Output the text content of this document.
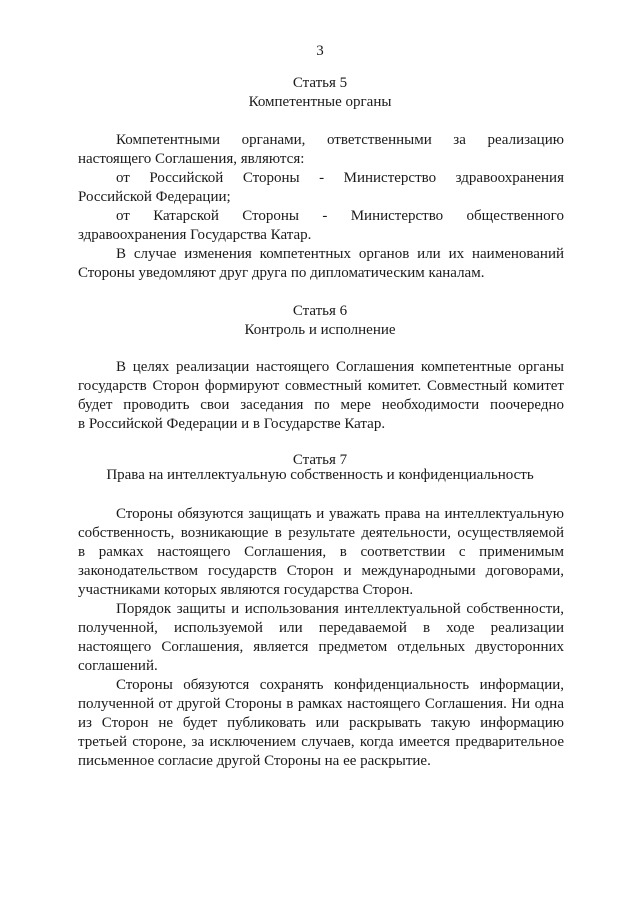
3
Статья 5
Компетентные органы
Компетентными органами, ответственными за реализацию
настоящего Соглашения, являются:
от Российской Стороны - Министерство здравоохранения
Российской Федерации;
от Катарской Стороны - Министерство общественного
здравоохранения Государства Катар.
В случае изменения компетентных органов или их наименований
Стороны уведомляют друг друга по дипломатическим каналам.
Статья 6
Контроль и исполнение
В целях реализации настоящего Соглашения компетентные органы
государств Сторон формируют совместный комитет. Совместный комитет
будет проводить свои заседания по мере необходимости поочередно
в Российской Федерации и в Государстве Катар.
Статья 7
Права на интеллектуальную собственность и конфиденциальность
Стороны обязуются защищать и уважать права на интеллектуальную
собственность, возникающие в результате деятельности, осуществляемой
в рамках настоящего Соглашения, в соответствии с применимым
законодательством государств Сторон и международными договорами,
участниками которых являются государства Сторон.
Порядок защиты и использования интеллектуальной собственности,
полученной, используемой или передаваемой в ходе реализации
настоящего Соглашения, является предметом отдельных двусторонних
соглашений.
Стороны обязуются сохранять конфиденциальность информации,
полученной от другой Стороны в рамках настоящего Соглашения. Ни одна
из Сторон не будет публиковать или раскрывать такую информацию
третьей стороне, за исключением случаев, когда имеется предварительное
письменное согласие другой Стороны на ее раскрытие.
